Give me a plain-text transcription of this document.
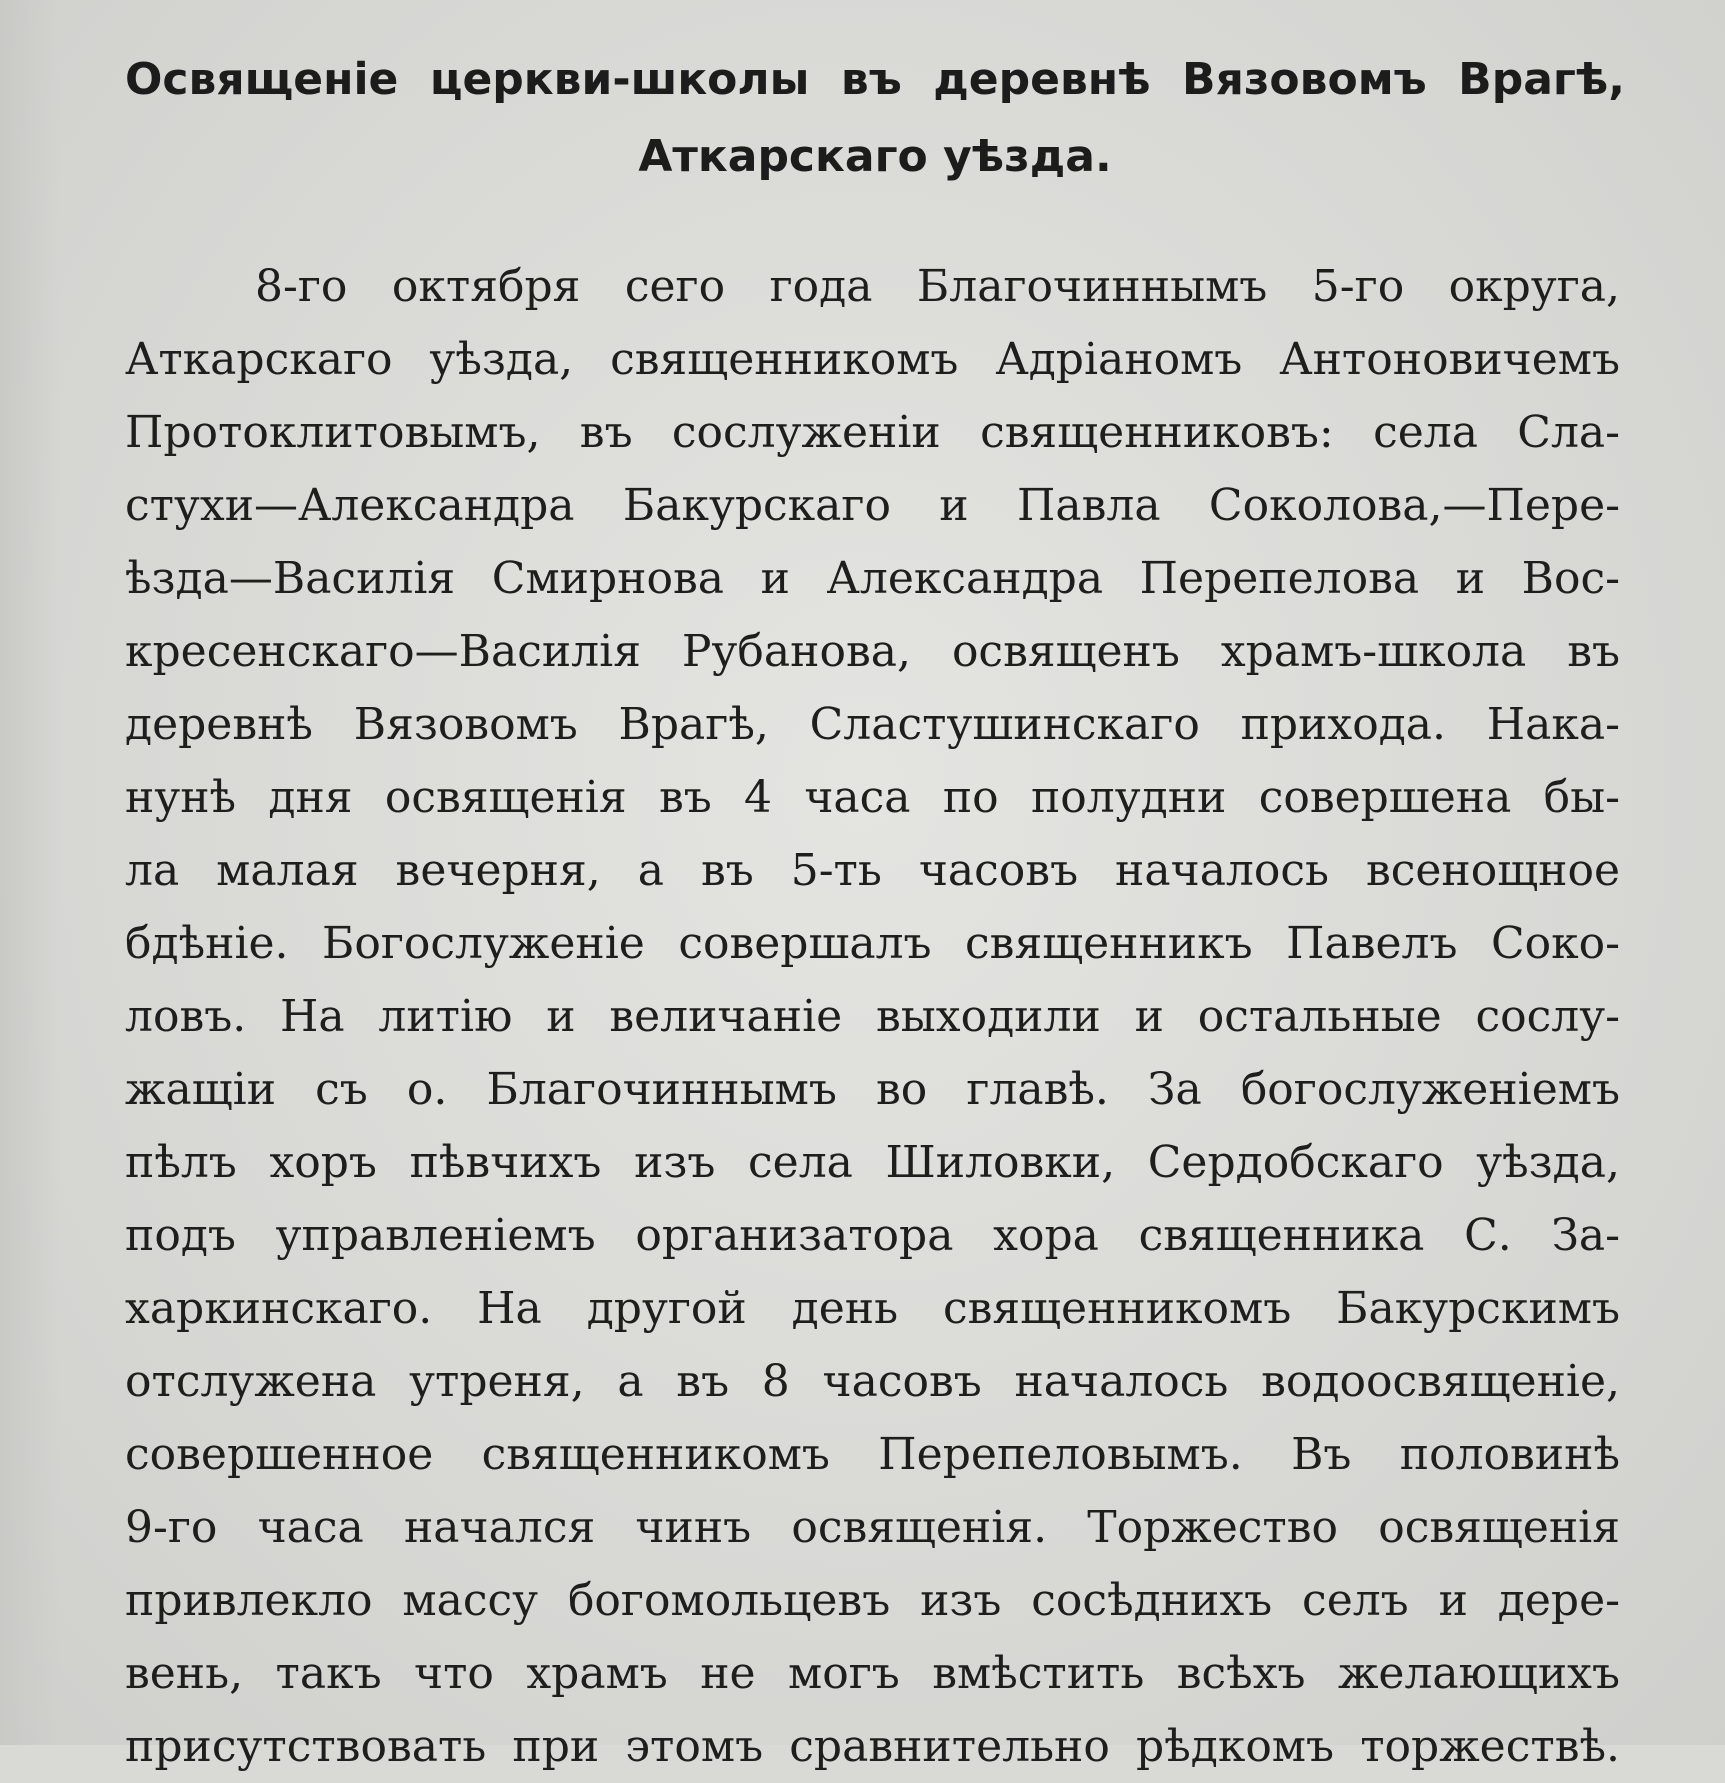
Освященіе церкви-школы въ деревнѣ Вязовомъ Врагѣ,
Аткарскаго уѣзда.
8-го октября сего года Благочиннымъ 5-го округа,
Аткарскаго уѣзда, священникомъ Адріаномъ Антоновичемъ
Протоклитовымъ, въ сослуженіи священниковъ: села Сла-
стухи—Александра Бакурскаго и Павла Соколова,—Пере-
ѣзда—Василія Смирнова и Александра Перепелова и Вос-
кресенскаго—Василія Рубанова, освященъ храмъ-школа въ
деревнѣ Вязовомъ Врагѣ, Сластушинскаго прихода. Нака-
нунѣ дня освященія въ 4 часа по полудни совершена бы-
ла малая вечерня, а въ 5-ть часовъ началось всенощное
бдѣніе. Богослуженіе совершалъ священникъ Павелъ Соко-
ловъ. На литію и величаніе выходили и остальные сослу-
жащіи съ о. Благочиннымъ во главѣ. За богослуженіемъ
пѣлъ хоръ пѣвчихъ изъ села Шиловки, Сердобскаго уѣзда,
подъ управленіемъ организатора хора священника С. За-
харкинскаго. На другой день священникомъ Бакурскимъ
отслужена утреня, а въ 8 часовъ началось водоосвященіе,
совершенное священникомъ Перепеловымъ. Въ половинѣ
9-го часа начался чинъ освященія. Торжество освященія
привлекло массу богомольцевъ изъ сосѣднихъ селъ и дере-
вень, такъ что храмъ не могъ вмѣстить всѣхъ желающихъ
присутствовать при этомъ сравнительно рѣдкомъ торжествѣ.
